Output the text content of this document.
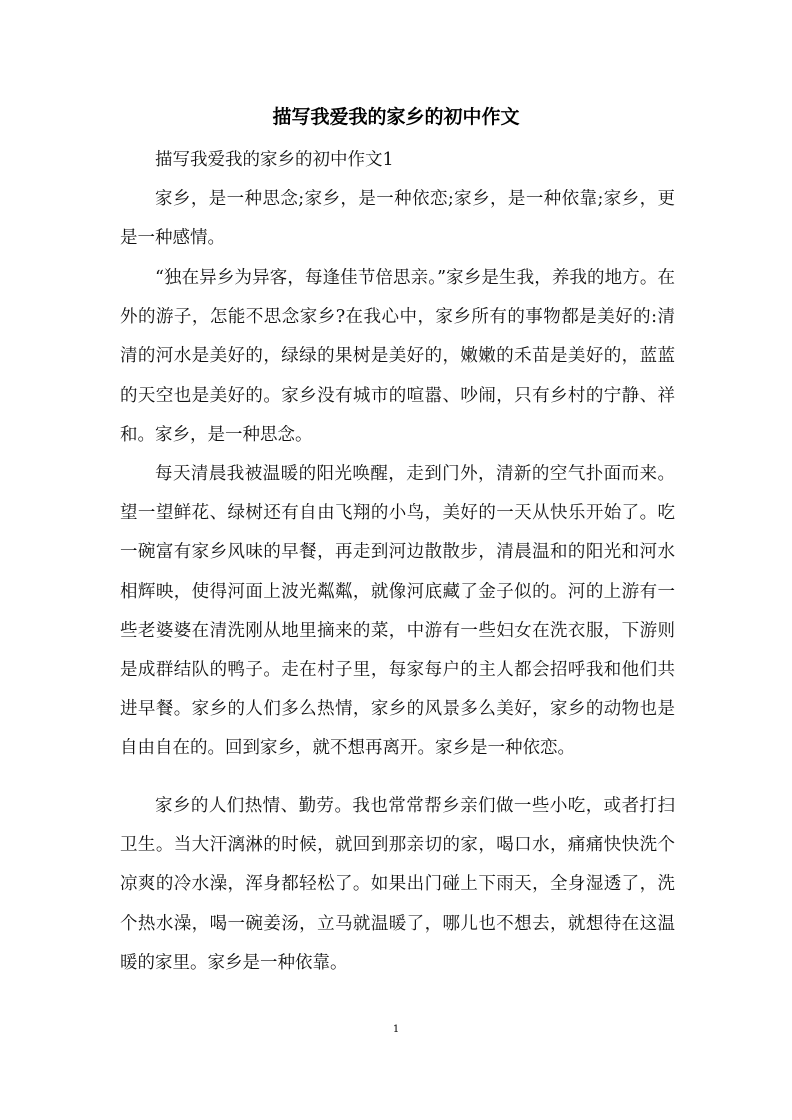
描写我爱我的家乡的初中作文

描写我爱我的家乡的初中作文1

家乡，是一种思念;家乡，是一种依恋;家乡，是一种依靠;家乡，更是一种感情。

“独在异乡为异客，每逢佳节倍思亲。”家乡是生我，养我的地方。在外的游子，怎能不思念家乡?在我心中，家乡所有的事物都是美好的:清清的河水是美好的，绿绿的果树是美好的，嫩嫩的禾苗是美好的，蓝蓝的天空也是美好的。家乡没有城市的喧嚣、吵闹，只有乡村的宁静、祥和。家乡，是一种思念。

每天清晨我被温暖的阳光唤醒，走到门外，清新的空气扑面而来。望一望鲜花、绿树还有自由飞翔的小鸟，美好的一天从快乐开始了。吃一碗富有家乡风味的早餐，再走到河边散散步，清晨温和的阳光和河水相辉映，使得河面上波光粼粼，就像河底藏了金子似的。河的上游有一些老婆婆在清洗刚从地里摘来的菜，中游有一些妇女在洗衣服，下游则是成群结队的鸭子。走在村子里，每家每户的主人都会招呼我和他们共进早餐。家乡的人们多么热情，家乡的风景多么美好，家乡的动物也是自由自在的。回到家乡，就不想再离开。家乡是一种依恋。

家乡的人们热情、勤劳。我也常常帮乡亲们做一些小吃，或者打扫卫生。当大汗漓淋的时候，就回到那亲切的家，喝口水，痛痛快快洗个凉爽的冷水澡，浑身都轻松了。如果出门碰上下雨天，全身湿透了，洗个热水澡，喝一碗姜汤，立马就温暖了，哪儿也不想去，就想待在这温暖的家里。家乡是一种依靠。

1
